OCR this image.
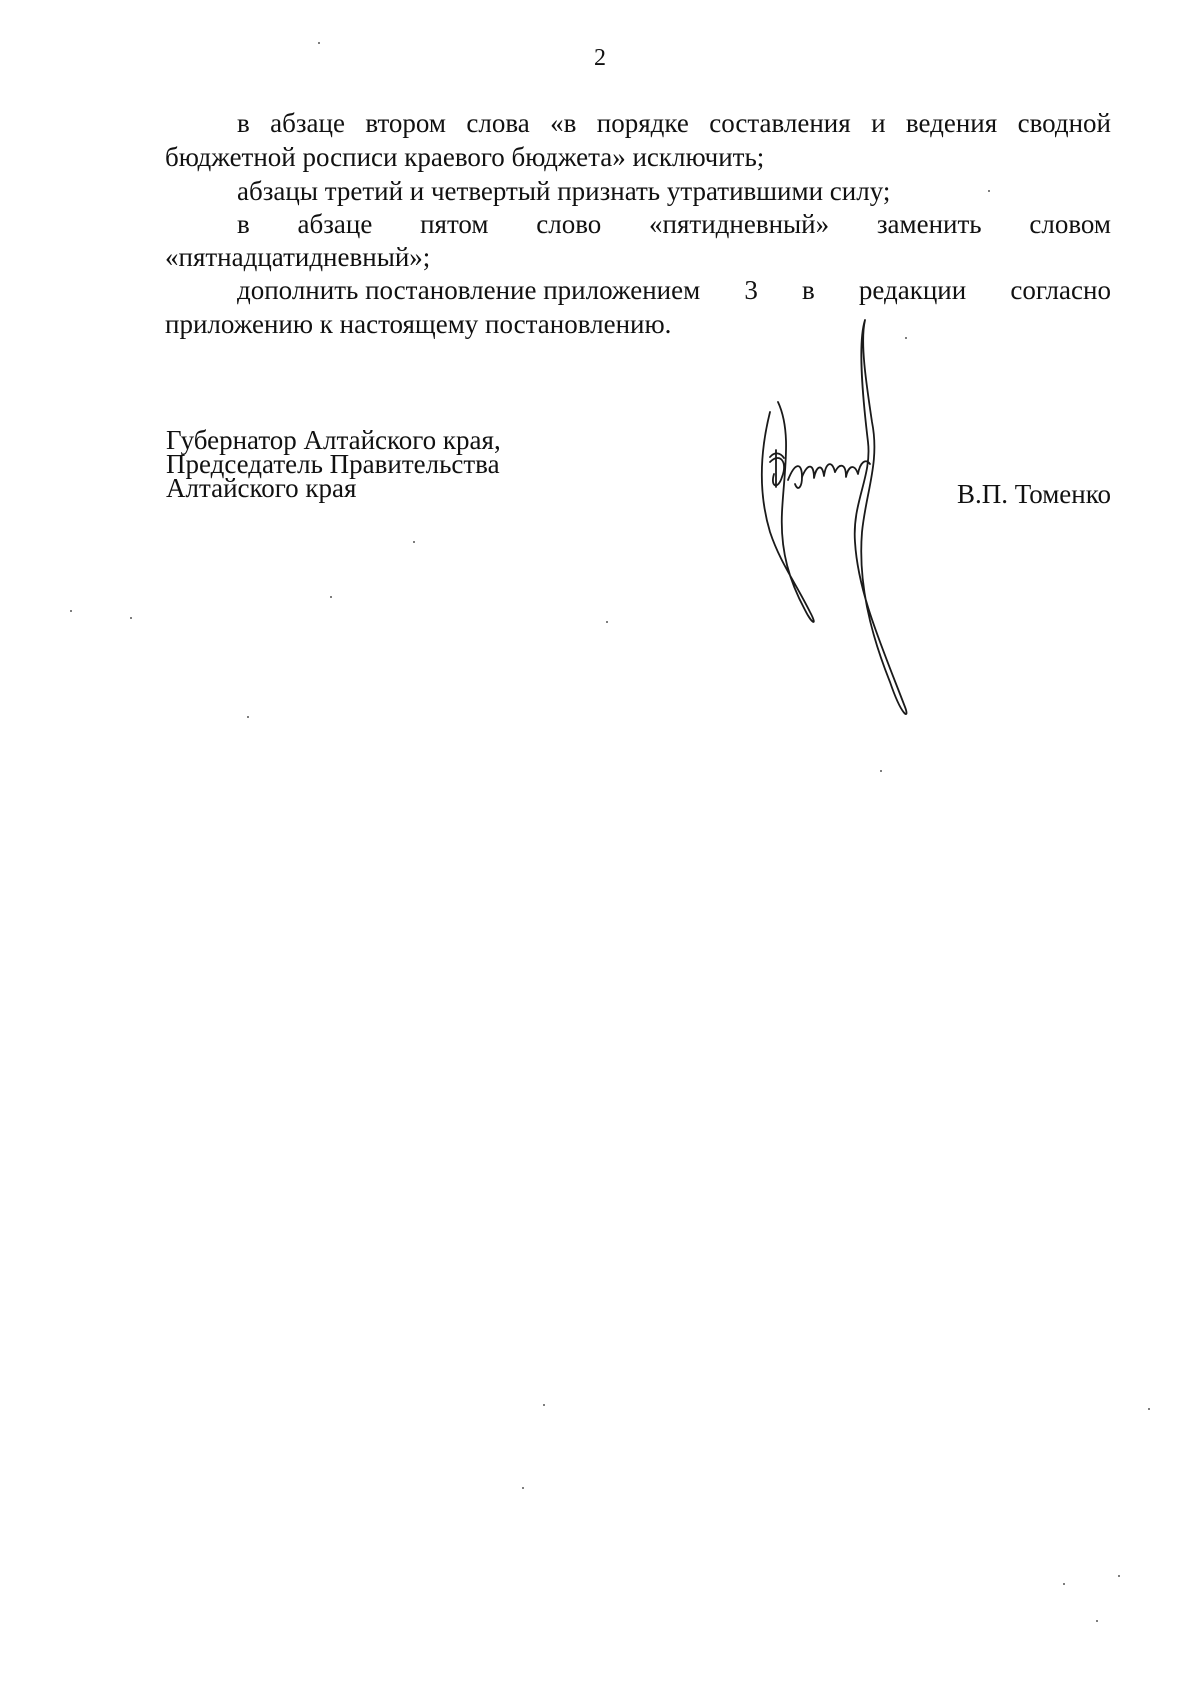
2
в абзаце втором слова «в порядке составления и ведения сводной
бюджетной росписи краевого бюджета» исключить;
абзацы третий и четвертый признать утратившими силу;
в абзаце пятом слово «пятидневный» заменить словом
«пятнадцатидневный»;
дополнить постановление приложением 3 в редакции согласно
приложению к настоящему постановлению.
Губернатор Алтайского края,
Председатель Правительства
Алтайского края	В.П. Томенко
